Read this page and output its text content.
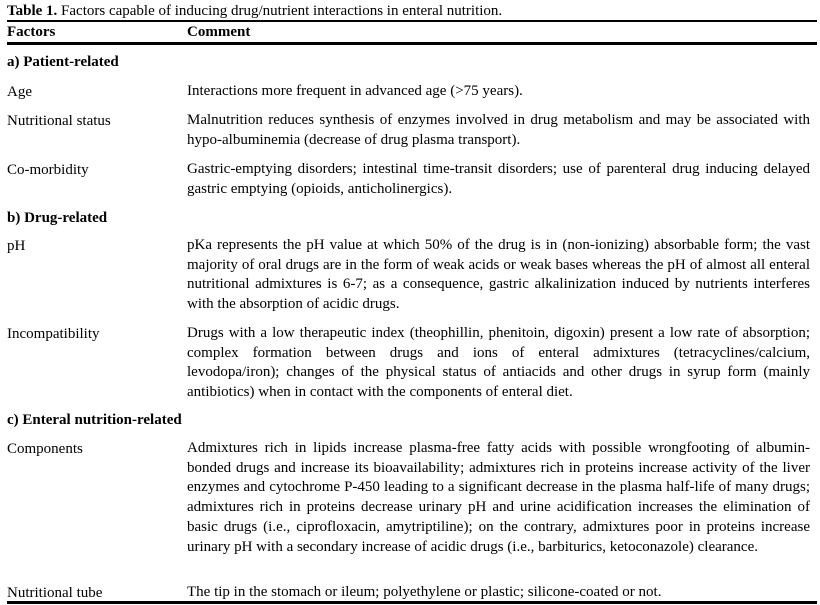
Table 1. Factors capable of inducing drug/nutrient interactions in enteral nutrition.
Factors	Comment
a) Patient-related
Age	Interactions more frequent in advanced age (>75 years).
Nutritional status	Malnutrition reduces synthesis of enzymes involved in drug metabolism and may be associated with hypo-albuminemia (decrease of drug plasma transport).
Co-morbidity	Gastric-emptying disorders; intestinal time-transit disorders; use of parenteral drug inducing delayed gastric emptying (opioids, anticholinergics).
b) Drug-related
pH	pKa represents the pH value at which 50% of the drug is in (non-ionizing) absorbable form; the vast majority of oral drugs are in the form of weak acids or weak bases whereas the pH of almost all enteral nutritional admixtures is 6-7; as a consequence, gastric alkalinization induced by nutrients interferes with the absorption of acidic drugs.
Incompatibility	Drugs with a low therapeutic index (theophillin, phenitoin, digoxin) present a low rate of absorption; complex formation between drugs and ions of enteral admixtures (tetracyclines/calcium, levodopa/iron); changes of the physical status of antiacids and other drugs in syrup form (mainly antibiotics) when in contact with the components of enteral diet.
c) Enteral nutrition-related
Components	Admixtures rich in lipids increase plasma-free fatty acids with possible wrongfooting of albumin-bonded drugs and increase its bioavailability; admixtures rich in proteins increase activity of the liver enzymes and cytochrome P-450 leading to a significant decrease in the plasma half-life of many drugs; admixtures rich in proteins decrease urinary pH and urine acidification increases the elimination of basic drugs (i.e., ciprofloxacin, amytriptiline); on the contrary, admixtures poor in proteins increase urinary pH with a secondary increase of acidic drugs (i.e., barbiturics, ketoconazole) clearance.
Nutritional tube	The tip in the stomach or ileum; polyethylene or plastic; silicone-coated or not.
